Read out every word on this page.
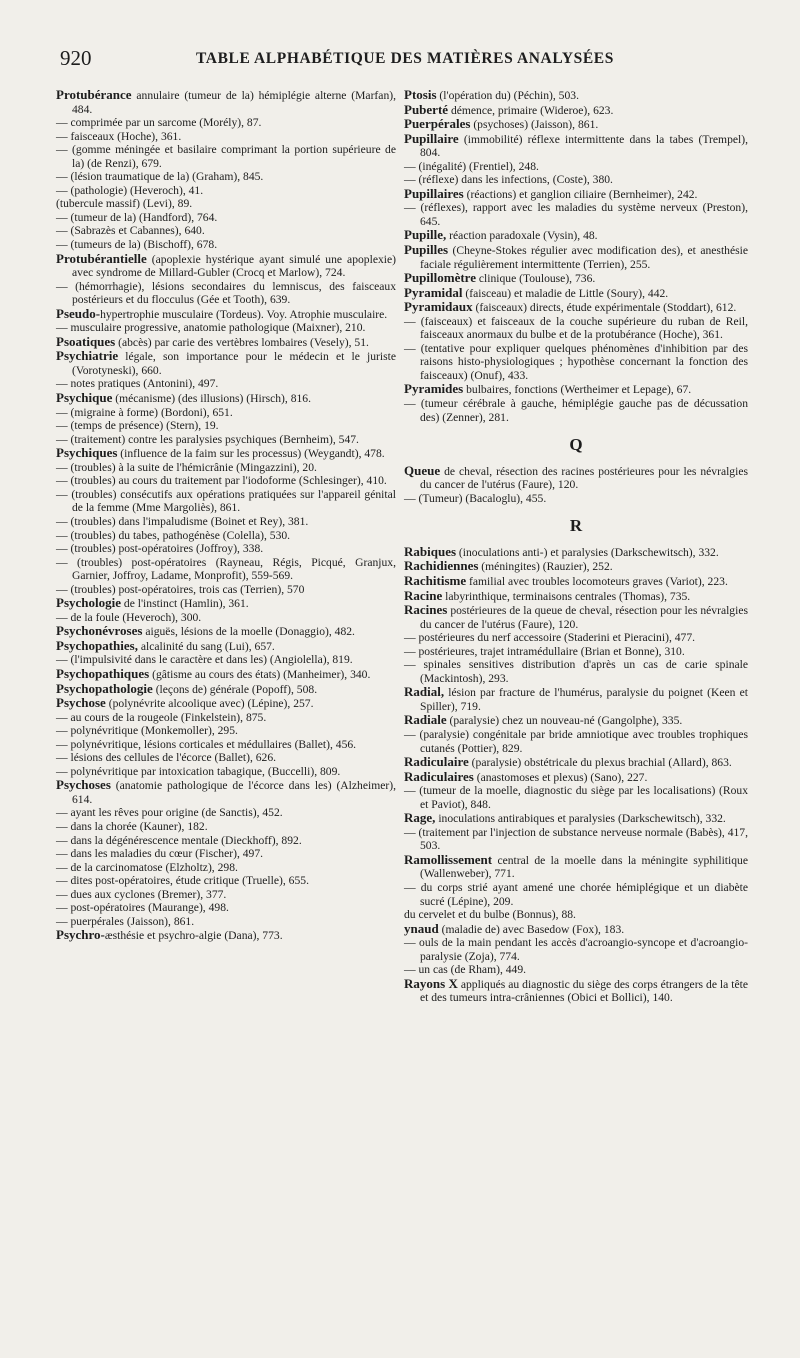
920	TABLE ALPHABÉTIQUE DES MATIÈRES ANALYSÉES

Protubérance annulaire (tumeur de la) hémiplégie alterne (Marfan), 484.

— comprimée par un sarcome (Morély), 87.

— faisceaux (Hoche), 361.

— (gomme méningée et basilaire comprimant la portion supérieure de la) (de Renzi), 679.

— (lésion traumatique de la) (Graham), 845.

— (pathologie) (Heveroch), 41.

(tubercule massif) (Levi), 89.

— (tumeur de la) (Handford), 764.

— (Sabrazès et Cabannes), 640.

— (tumeurs de la) (Bischoff), 678.

Protubérantielle (apoplexie hystérique ayant simulé une apoplexie) avec syndrome de Millard-Gubler (Crocq et Marlow), 724.

— (hémorrhagie), lésions secondaires du lemniscus, des faisceaux postérieurs et du flocculus (Gée et Tooth), 639.

Pseudo-hypertrophie musculaire (Tordeus). Voy. Atrophie musculaire.

— musculaire progressive, anatomie pathologique (Maixner), 210.

Psoatiques (abcès) par carie des vertèbres lombaires (Vesely), 51.

Psychiatrie légale, son importance pour le médecin et le juriste (Vorotyneski), 660.

— notes pratiques (Antonini), 497.

Psychique (mécanisme) (des illusions) (Hirsch), 816.

— (migraine à forme) (Bordoni), 651.

— (temps de présence) (Stern), 19.

— (traitement) contre les paralysies psychiques (Bernheim), 547.

Psychiques (influence de la faim sur les processus) (Weygandt), 478.

— (troubles) à la suite de l'hémicrânie (Mingazzini), 20.

— (troubles) au cours du traitement par l'iodoforme (Schlesinger), 410.

— (troubles) consécutifs aux opérations pratiquées sur l'appareil génital de la femme (Mme Margoliès), 861.

— (troubles) dans l'impaludisme (Boinet et Rey), 381.

— (troubles) du tabes, pathogénèse (Colella), 530.

— (troubles) post-opératoires (Joffroy), 338.

— (troubles) post-opératoires (Rayneau, Régis, Picqué, Granjux, Garnier, Joffroy, Ladame, Monprofit), 559-569.

— (troubles) post-opératoires, trois cas (Terrien), 570

Psychologie de l'instinct (Hamlin), 361.

— de la foule (Heveroch), 300.

Psychonévroses aiguës, lésions de la moelle (Donaggio), 482.

Psychopathies, alcalinité du sang (Lui), 657.

— (l'impulsivité dans le caractère et dans les) (Angiolella), 819.

Psychopathiques (gâtisme au cours des états) (Manheimer), 340.

Psychopathologie (leçons de) générale (Popoff), 508.

Psychose (polynévrite alcoolique avec) (Lépine), 257.

— au cours de la rougeole (Finkelstein), 875.

— polynévritique (Monkemoller), 295.

— polynévritique, lésions corticales et médullaires (Ballet), 456.

— lésions des cellules de l'écorce (Ballet), 626.

— polynévritique par intoxication tabagique, (Buccelli), 809.

Psychoses (anatomie pathologique de l'écorce dans les) (Alzheimer), 614.

— ayant les rêves pour origine (de Sanctis), 452.

— dans la chorée (Kauner), 182.

— dans la dégénérescence mentale (Dieckhoff), 892.

— dans les maladies du cœur (Fischer), 497.

— de la carcinomatose (Elzholtz), 298.

— dites post-opératoires, étude critique (Truelle), 655.

— dues aux cyclones (Bremer), 377.

— post-opératoires (Maurange), 498.

— puerpérales (Jaisson), 861.

Psychro-æsthésie et psychro-algie (Dana), 773.

Ptosis (l'opération du) (Péchin), 503.

Puberté démence, primaire (Wideroe), 623.

Puerpérales (psychoses) (Jaisson), 861.

Pupillaire (immobilité) réflexe intermittente dans la tabes (Trempel), 804.

— (inégalité) (Frentiel), 248.

— (réflexe) dans les infections, (Coste), 380.

Pupillaires (réactions) et ganglion ciliaire (Bernheimer), 242.

— (réflexes), rapport avec les maladies du système nerveux (Preston), 645.

Pupille, réaction paradoxale (Vysin), 48.

Pupilles (Cheyne-Stokes régulier avec modification des), et anesthésie faciale régulièrement intermittente (Terrien), 255.

Pupillomètre clinique (Toulouse), 736.

Pyramidal (faisceau) et maladie de Little (Soury), 442.

Pyramidaux (faisceaux) directs, étude expérimentale (Stoddart), 612.

— (faisceaux) et faisceaux de la couche supérieure du ruban de Reil, faisceaux anormaux du bulbe et de la protubérance (Hoche), 361.

— (tentative pour expliquer quelques phénomènes d'inhibition par des raisons histo-physiologiques ; hypothèse concernant la fonction des faisceaux) (Onuf), 433.

Pyramides bulbaires, fonctions (Wertheimer et Lepage), 67.

— (tumeur cérébrale à gauche, hémiplégie gauche pas de décussation des) (Zenner), 281.

Q

Queue de cheval, résection des racines postérieures pour les névralgies du cancer de l'utérus (Faure), 120.

— (Tumeur) (Bacaloglu), 455.

R

Rabiques (inoculations anti-) et paralysies (Darkschewitsch), 332.

Rachidiennes (méningites) (Rauzier), 252.

Rachitisme familial avec troubles locomoteurs graves (Variot), 223.

Racine labyrinthique, terminaisons centrales (Thomas), 735.

Racines postérieures de la queue de cheval, résection pour les névralgies du cancer de l'utérus (Faure), 120.

— postérieures du nerf accessoire (Staderini et Pieracini), 477.

— postérieures, trajet intramédullaire (Brian et Bonne), 310.

— spinales sensitives distribution d'après un cas de carie spinale (Mackintosh), 293.

Radial, lésion par fracture de l'humérus, paralysie du poignet (Keen et Spiller), 719.

Radiale (paralysie) chez un nouveau-né (Gangolphe), 335.

— (paralysie) congénitale par bride amniotique avec troubles trophiques cutanés (Pottier), 829.

Radiculaire (paralysie) obstétricale du plexus brachial (Allard), 863.

Radiculaires (anastomoses et plexus) (Sano), 227.

— (tumeur de la moelle, diagnostic du siège par les localisations) (Roux et Paviot), 848.

Rage, inoculations antirabiques et paralysies (Darkschewitsch), 332.

— (traitement par l'injection de substance nerveuse normale (Babès), 417, 503.

Ramollissement central de la moelle dans la méningite syphilitique (Wallenweber), 771.

— du corps strié ayant amené une chorée hémiplégique et un diabète sucré (Lépine), 209.

du cervelet et du bulbe (Bonnus), 88.

ynaud (maladie de) avec Basedow (Fox), 183.

— ouls de la main pendant les accès d'acroangio-syncope et d'acroangio-paralysie (Zoja), 774.

— un cas (de Rham), 449.

Rayons X appliqués au diagnostic du siège des corps étrangers de la tête et des tumeurs intra-crâniennes (Obici et Bollici), 140.
